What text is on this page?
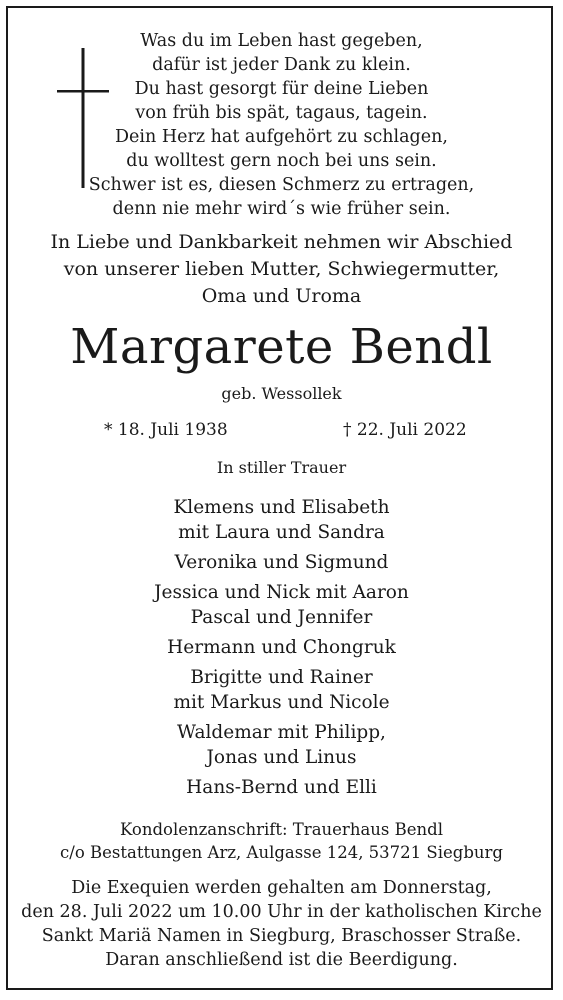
Was du im Leben hast gegeben,
dafür ist jeder Dank zu klein.
Du hast gesorgt für deine Lieben
von früh bis spät, tagaus, tagein.
Dein Herz hat aufgehört zu schlagen,
du wolltest gern noch bei uns sein.
Schwer ist es, diesen Schmerz zu ertragen,
denn nie mehr wird´s wie früher sein.
In Liebe und Dankbarkeit nehmen wir Abschied
von unserer lieben Mutter, Schwiegermutter,
Oma und Uroma
Margarete Bendl
geb. Wessollek
* 18. Juli 1938	† 22. Juli 2022
In stiller Trauer
Klemens und Elisabeth
mit Laura und Sandra
Veronika und Sigmund
Jessica und Nick mit Aaron
Pascal und Jennifer
Hermann und Chongruk
Brigitte und Rainer
mit Markus und Nicole
Waldemar mit Philipp,
Jonas und Linus
Hans-Bernd und Elli
Kondolenzanschrift: Trauerhaus Bendl
c/o Bestattungen Arz, Aulgasse 124, 53721 Siegburg
Die Exequien werden gehalten am Donnerstag,
den 28. Juli 2022 um 10.00 Uhr in der katholischen Kirche
Sankt Mariä Namen in Siegburg, Braschosser Straße.
Daran anschließend ist die Beerdigung.
